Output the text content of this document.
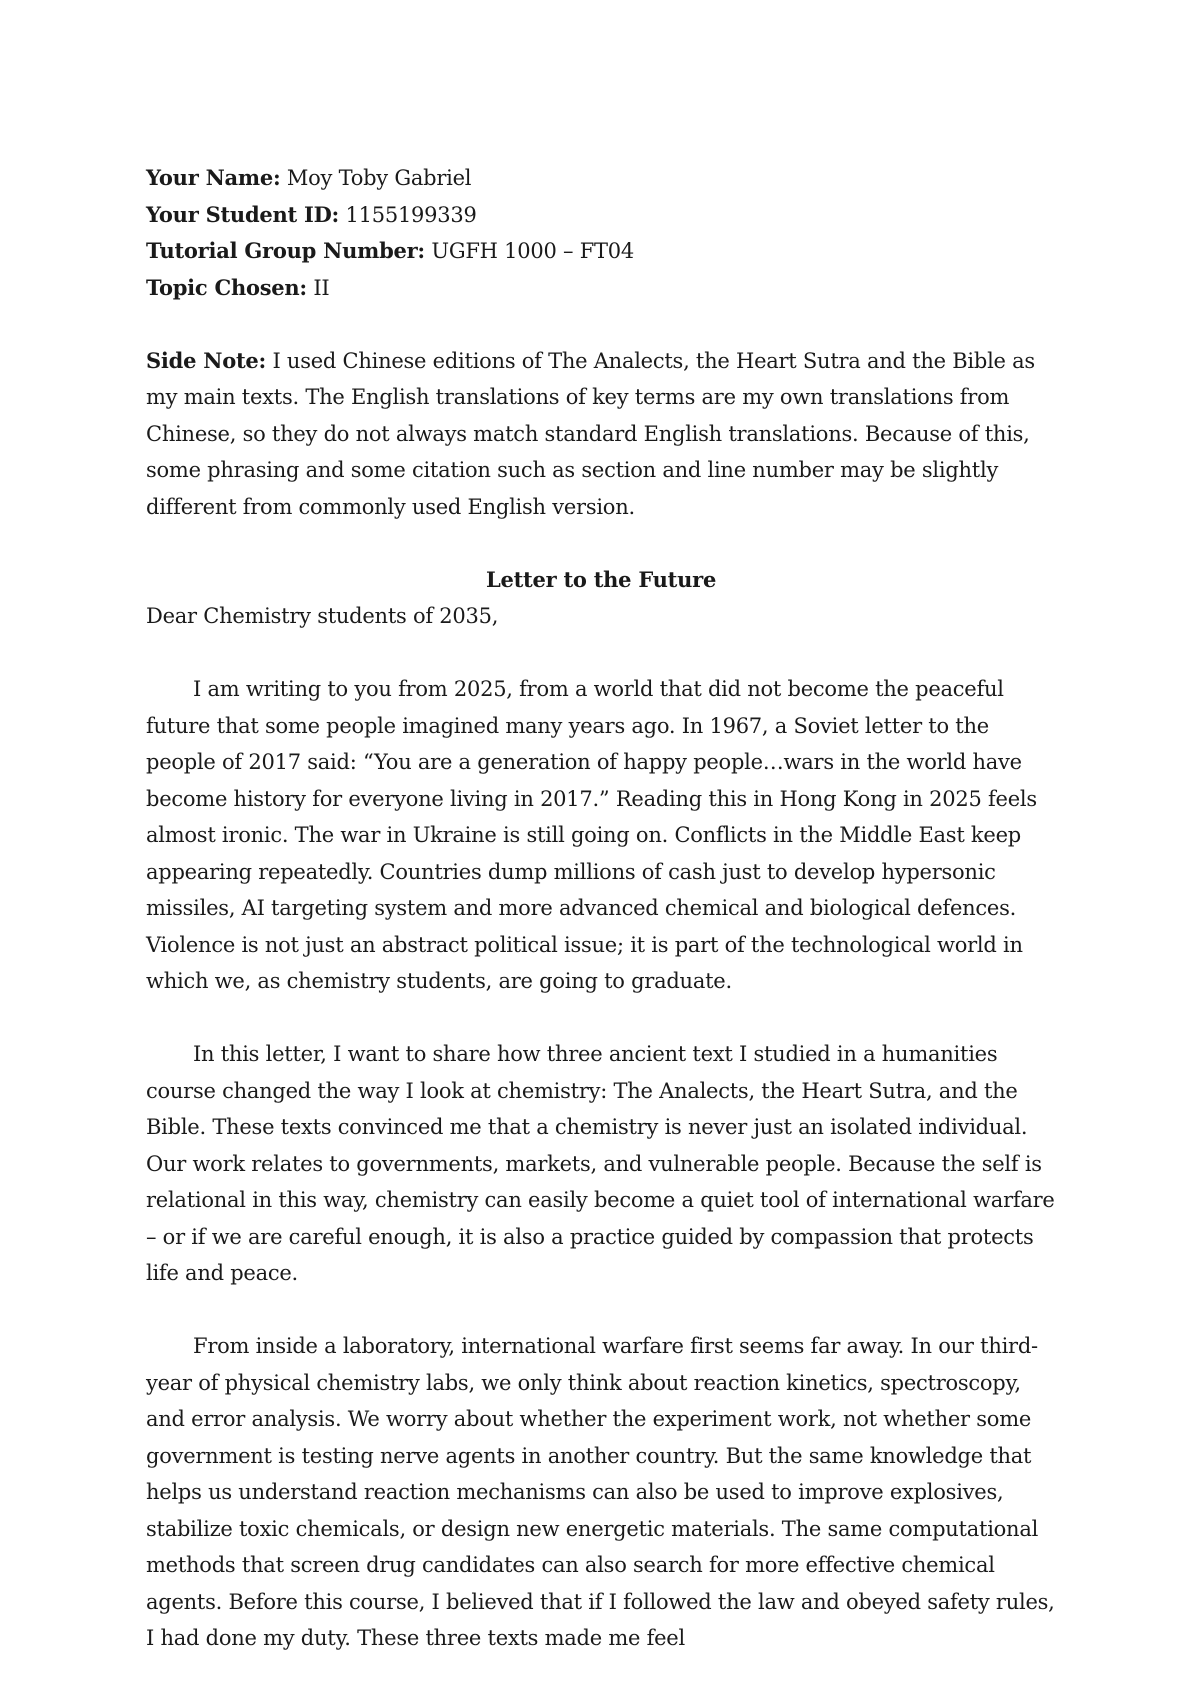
Your Name: Moy Toby Gabriel

Your Student ID: 1155199339

Tutorial Group Number: UGFH 1000 – FT04

Topic Chosen: II

Side Note: I used Chinese editions of The Analects, the Heart Sutra and the Bible as my main texts. The English translations of key terms are my own translations from Chinese, so they do not always match standard English translations. Because of this, some phrasing and some citation such as section and line number may be slightly different from commonly used English version.

Letter to the Future

Dear Chemistry students of 2035,

I am writing to you from 2025, from a world that did not become the peaceful future that some people imagined many years ago. In 1967, a Soviet letter to the people of 2017 said: “You are a generation of happy people…wars in the world have become history for everyone living in 2017.” Reading this in Hong Kong in 2025 feels almost ironic. The war in Ukraine is still going on. Conflicts in the Middle East keep appearing repeatedly. Countries dump millions of cash just to develop hypersonic missiles, AI targeting system and more advanced chemical and biological defences. Violence is not just an abstract political issue; it is part of the technological world in which we, as chemistry students, are going to graduate.

In this letter, I want to share how three ancient text I studied in a humanities course changed the way I look at chemistry: The Analects, the Heart Sutra, and the Bible. These texts convinced me that a chemistry is never just an isolated individual. Our work relates to governments, markets, and vulnerable people. Because the self is relational in this way, chemistry can easily become a quiet tool of international warfare – or if we are careful enough, it is also a practice guided by compassion that protects life and peace.

From inside a laboratory, international warfare first seems far away. In our third-year of physical chemistry labs, we only think about reaction kinetics, spectroscopy, and error analysis. We worry about whether the experiment work, not whether some government is testing nerve agents in another country. But the same knowledge that helps us understand reaction mechanisms can also be used to improve explosives, stabilize toxic chemicals, or design new energetic materials. The same computational methods that screen drug candidates can also search for more effective chemical agents. Before this course, I believed that if I followed the law and obeyed safety rules, I had done my duty. These three texts made me feel
